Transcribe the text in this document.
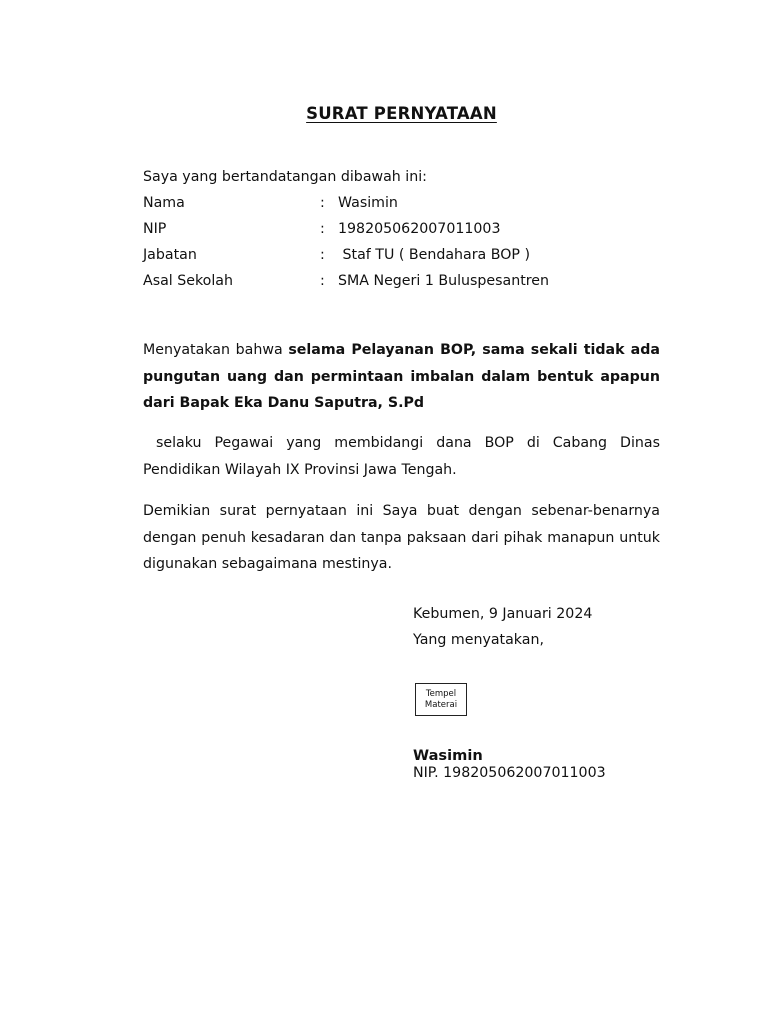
SURAT PERNYATAAN
Saya yang bertandatangan dibawah ini:
Nama	: Wasimin
NIP	: 198205062007011003
Jabatan	: Staf TU ( Bendahara BOP )
Asal Sekolah	: SMA Negeri 1 Buluspesantren
Menyatakan bahwa selama Pelayanan BOP, sama sekali tidak ada pungutan uang dan permintaan imbalan dalam bentuk apapun dari Bapak Eka Danu Saputra, S.Pd
selaku Pegawai yang membidangi dana BOP di Cabang Dinas Pendidikan Wilayah IX Provinsi Jawa Tengah.
Demikian surat pernyataan ini Saya buat dengan sebenar-benarnya dengan penuh kesadaran dan tanpa paksaan dari pihak manapun untuk digunakan sebagaimana mestinya.
Kebumen, 9 Januari 2024
Yang menyatakan,
Tempel
Materai
Wasimin
NIP. 198205062007011003
